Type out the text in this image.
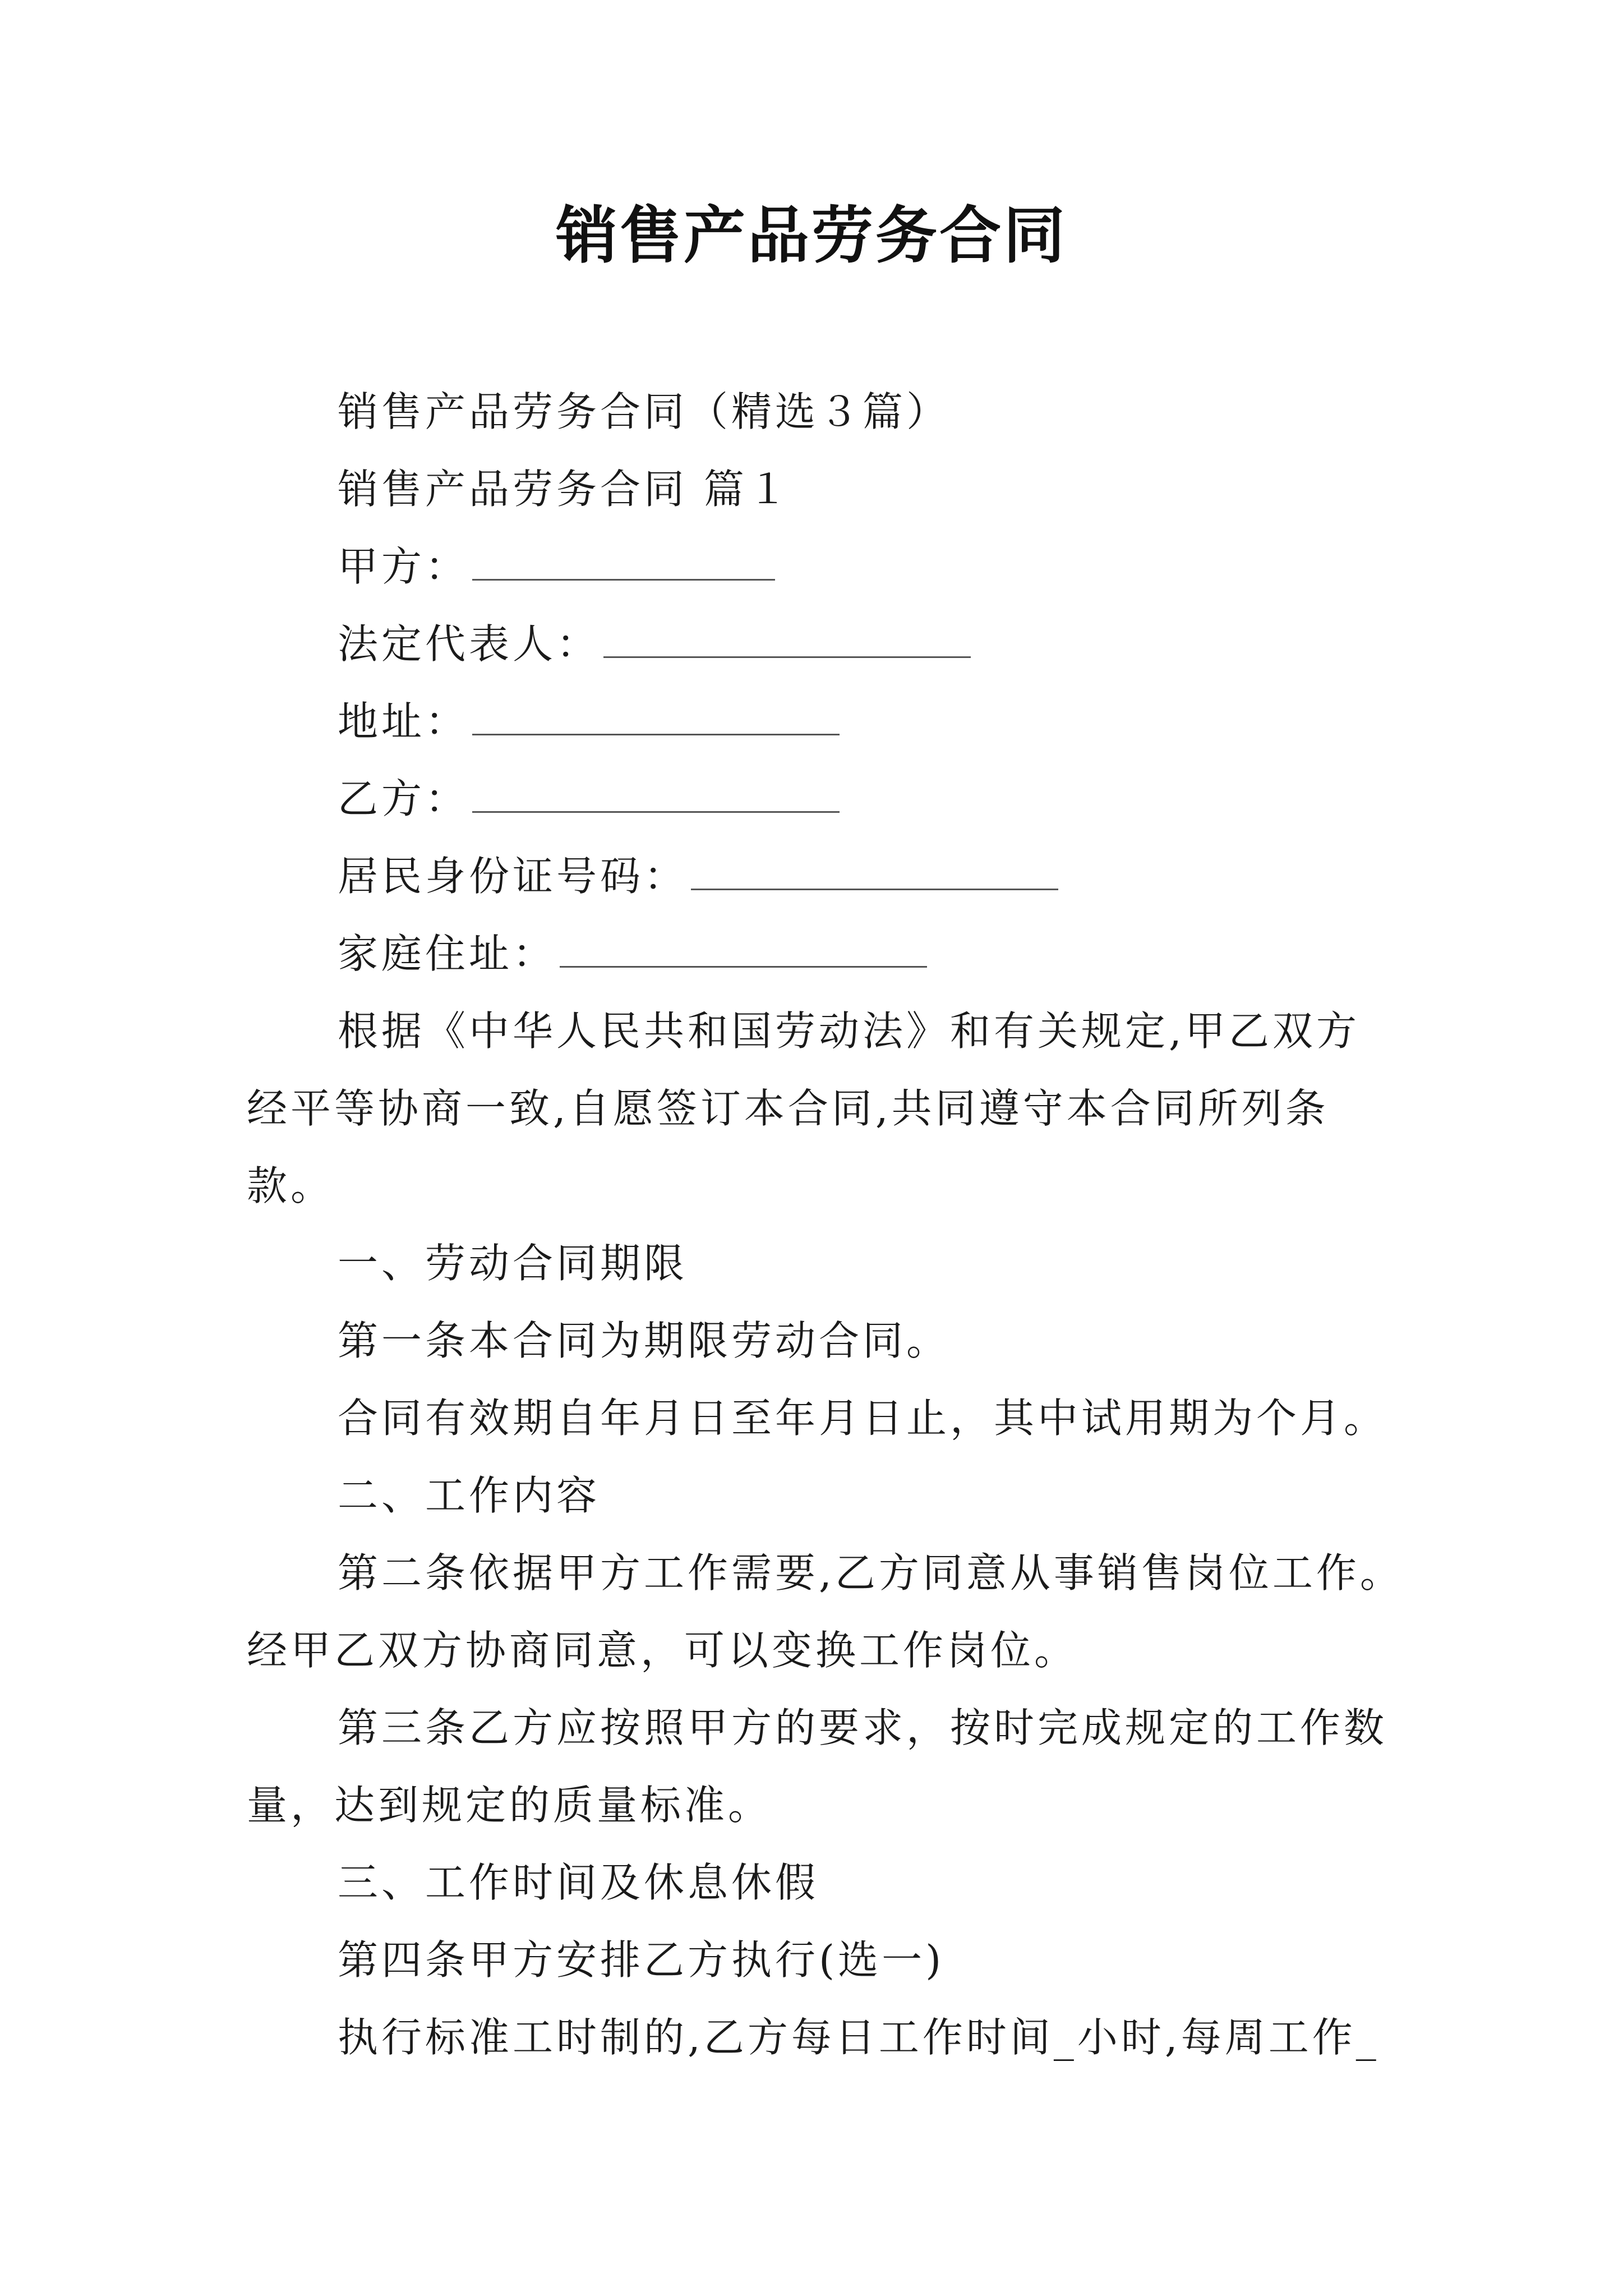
销售产品劳务合同
销售产品劳务合同（精选３篇）
销售产品劳务合同 篇１
甲方：
法定代表人：
地址：
乙方：
居民身份证号码：
家庭住址：
根据《中华人民共和国劳动法》和有关规定,甲乙双方
经平等协商一致,自愿签订本合同,共同遵守本合同所列条
款。
一、劳动合同期限
第一条本合同为期限劳动合同。
合同有效期自年月日至年月日止，其中试用期为个月。
二、工作内容
第二条依据甲方工作需要,乙方同意从事销售岗位工作。
经甲乙双方协商同意，可以变换工作岗位。
第三条乙方应按照甲方的要求，按时完成规定的工作数
量，达到规定的质量标准。
三、工作时间及休息休假
第四条甲方安排乙方执行(选一)
执行标准工时制的,乙方每日工作时间_小时,每周工作_
